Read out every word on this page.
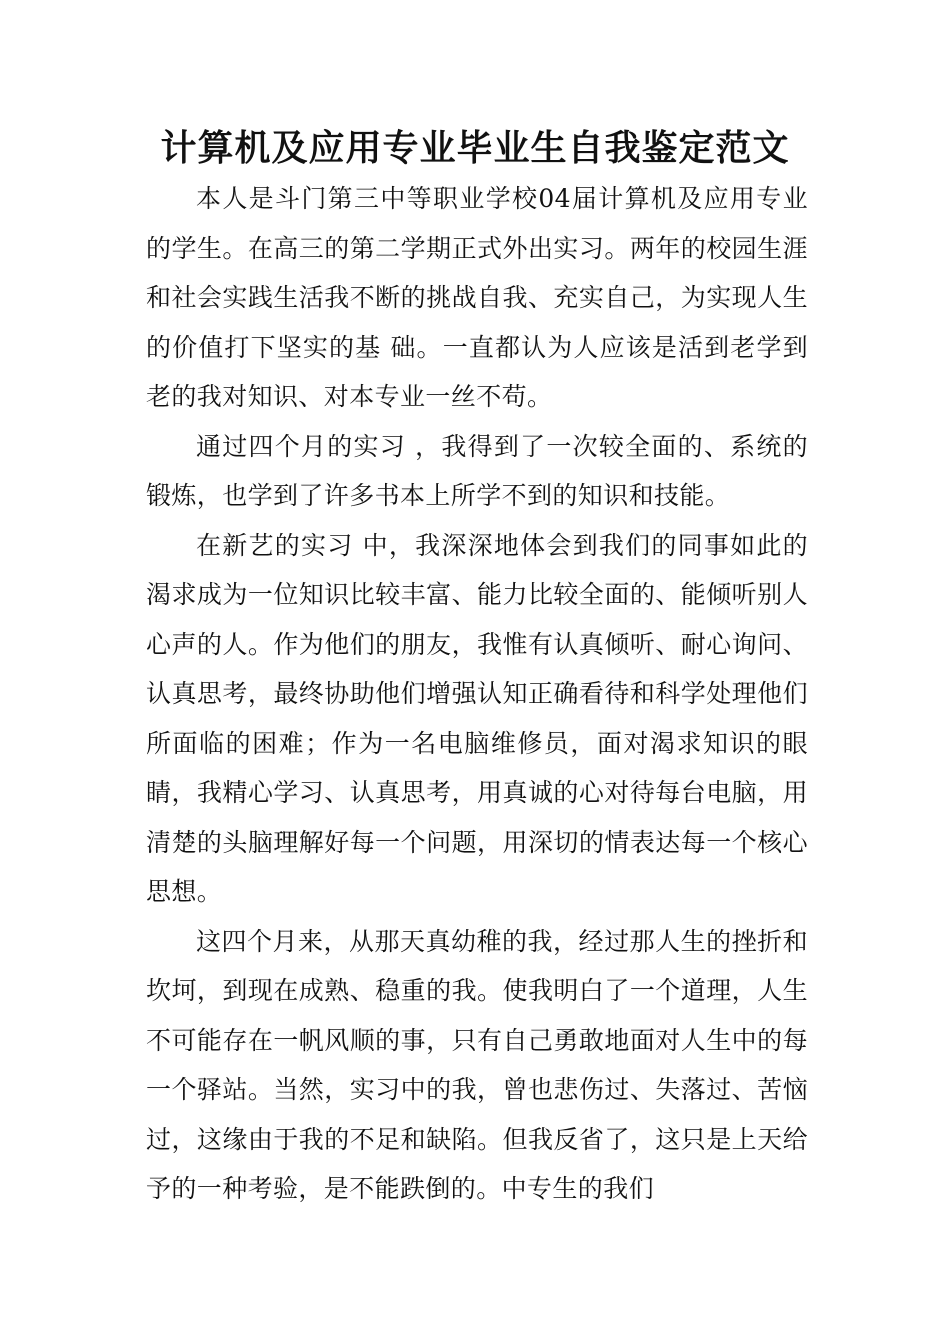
计算机及应用专业毕业生自我鉴定范文

本人是斗门第三中等职业学校04届计算机及应用专业的学生。在高三的第二学期正式外出实习。两年的校园生涯和社会实践生活我不断的挑战自我、充实自己，为实现人生的价值打下坚实的基 础。一直都认为人应该是活到老学到老的我对知识、对本专业一丝不苟。

通过四个月的实习 ，我得到了一次较全面的、系统的锻炼，也学到了许多书本上所学不到的知识和技能。

在新艺的实习 中，我深深地体会到我们的同事如此的渴求成为一位知识比较丰富、能力比较全面的、能倾听别人心声的人。作为他们的朋友，我惟有认真倾听、耐心询问、认真思考，最终协助他们增强认知正确看待和科学处理他们所面临的困难；作为一名电脑维修员，面对渴求知识的眼睛，我精心学习、认真思考，用真诚的心对待每台电脑，用清楚的头脑理解好每一个问题，用深切的情表达每一个核心思想。

这四个月来，从那天真幼稚的我，经过那人生的挫折和坎坷，到现在成熟、稳重的我。使我明白了一个道理，人生不可能存在一帆风顺的事，只有自己勇敢地面对人生中的每一个驿站。当然，实习中的我，曾也悲伤过、失落过、苦恼过，这缘由于我的不足和缺陷。但我反省了，这只是上天给予的一种考验，是不能跌倒的。中专生的我们
